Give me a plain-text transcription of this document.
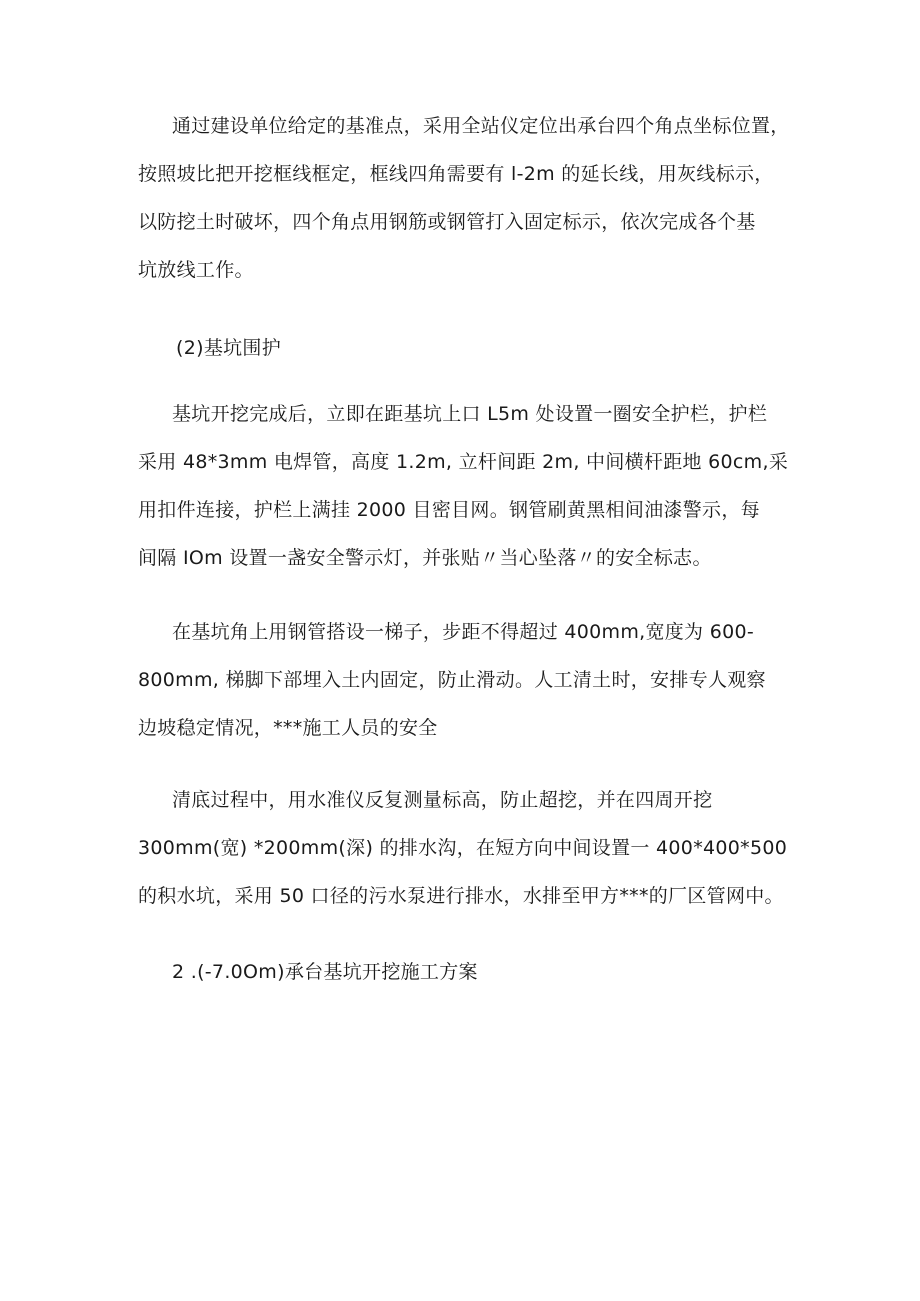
通过建设单位给定的基准点，采用全站仪定位出承台四个角点坐标位置，
按照坡比把开挖框线框定，框线四角需要有 l-2m 的延长线，用灰线标示，
以防挖土时破坏，四个角点用钢筋或钢管打入固定标示，依次完成各个基
坑放线工作。
(2)基坑围护
基坑开挖完成后，立即在距基坑上口 L5m 处设置一圈安全护栏，护栏
采用 48*3mm 电焊管，高度 1.2m, 立杆间距 2m, 中间横杆距地 60cm,采
用扣件连接，护栏上满挂 2000 目密目网。钢管刷黄黑相间油漆警示，每
间隔 IOm 设置一盏安全警示灯，并张贴〃当心坠落〃的安全标志。
在基坑角上用钢管搭设一梯子，步距不得超过 400mm,宽度为 600-
800mm, 梯脚下部埋入土内固定，防止滑动。人工清土时，安排专人观察
边坡稳定情况，***施工人员的安全
清底过程中，用水准仪反复测量标高，防止超挖，并在四周开挖
300mm(宽) *200mm(深) 的排水沟，在短方向中间设置一 400*400*500
的积水坑，采用 50 口径的污水泵进行排水，水排至甲方***的厂区管网中。
2 .(-7.0Om)承台基坑开挖施工方案
